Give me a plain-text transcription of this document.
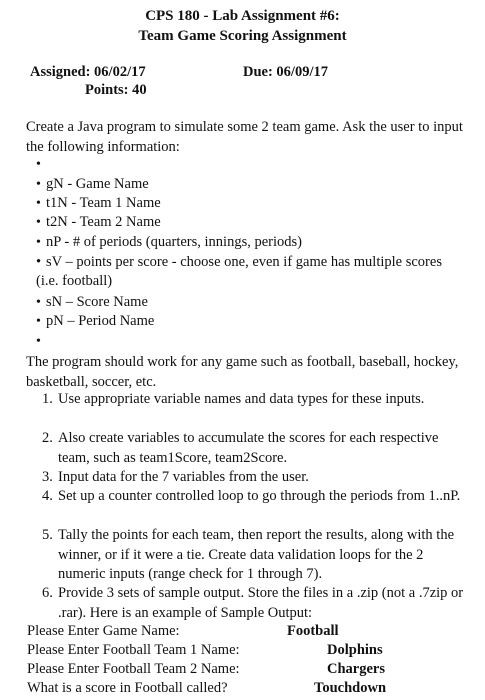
CPS 180 - Lab Assignment #6:
Team Game Scoring Assignment
Assigned: 06/02/17	Due: 06/09/17
Points: 40
Create a Java program to simulate some 2 team game. Ask the user to input the following information:
•
• gN - Game Name
• t1N - Team 1 Name
• t2N - Team 2 Name
• nP - # of periods (quarters, innings, periods)
• sV – points per score - choose one, even if game has multiple scores (i.e. football)
• sN – Score Name
• pN – Period Name
•
The program should work for any game such as football, baseball, hockey, basketball, soccer, etc.
1. Use appropriate variable names and data types for these inputs.
2. Also create variables to accumulate the scores for each respective team, such as team1Score, team2Score.
3. Input data for the 7 variables from the user.
4. Set up a counter controlled loop to go through the periods from 1..nP.
5. Tally the points for each team, then report the results, along with the winner, or if it were a tie. Create data validation loops for the 2 numeric inputs (range check for 1 through 7).
6. Provide 3 sets of sample output. Store the files in a .zip (not a .7zip or .rar). Here is an example of Sample Output:
Please Enter Game Name:	Football
Please Enter Football Team 1 Name:	Dolphins
Please Enter Football Team 2 Name:	Chargers
What is a score in Football called?	Touchdown
